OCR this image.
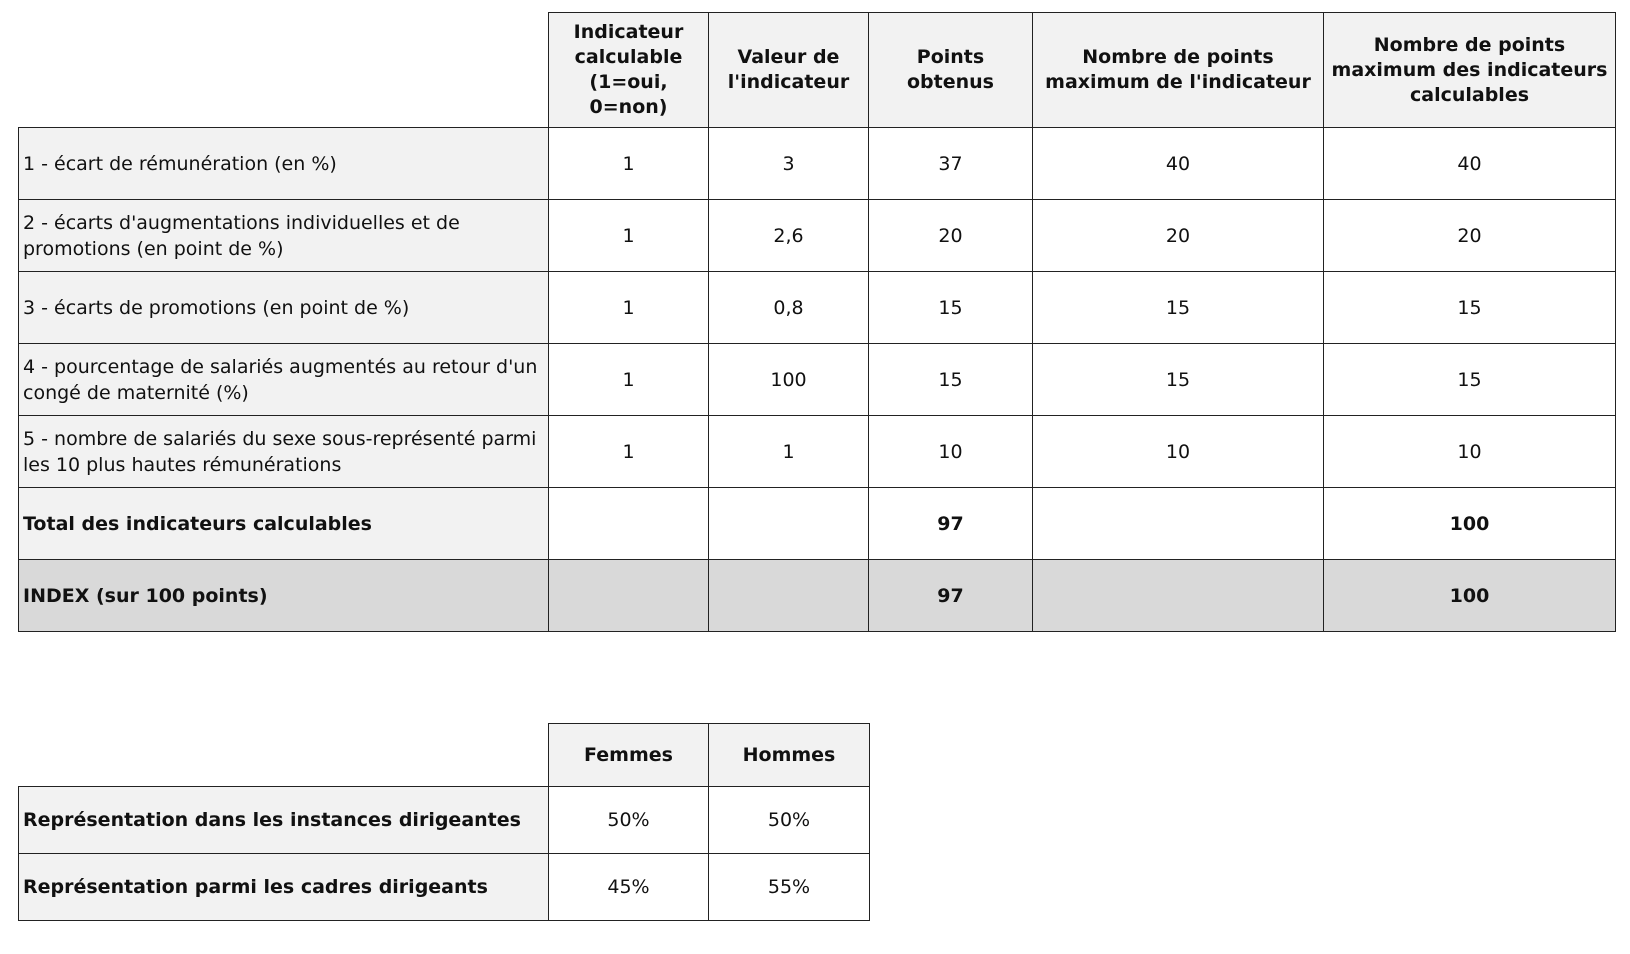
	Indicateur calculable (1=oui, 0=non)	Valeur de l'indicateur	Points obtenus	Nombre de points maximum de l'indicateur	Nombre de points maximum des indicateurs calculables
1 - écart de rémunération (en %)	1	3	37	40	40
2 - écarts d'augmentations individuelles et de promotions (en point de %)	1	2,6	20	20	20
3 - écarts de promotions (en point de %)	1	0,8	15	15	15
4 - pourcentage de salariés augmentés au retour d'un congé de maternité (%)	1	100	15	15	15
5 - nombre de salariés du sexe sous-représenté parmi les 10 plus hautes rémunérations	1	1	10	10	10
Total des indicateurs calculables			97		100
INDEX (sur 100 points)			97		100
	Femmes	Hommes
Représentation dans les instances dirigeantes	50%	50%
Représentation parmi les cadres dirigeants	45%	55%
